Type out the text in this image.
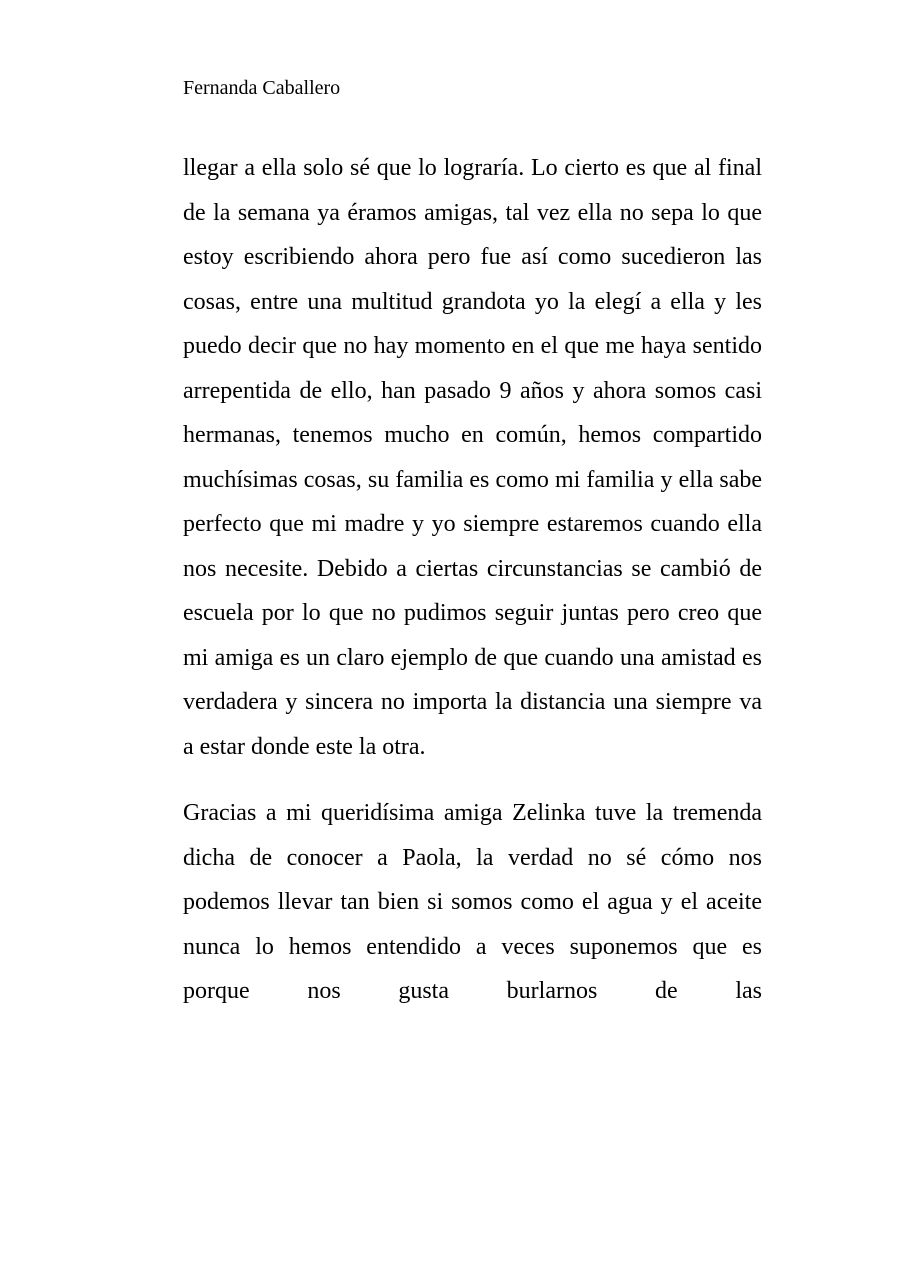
Fernanda Caballero

llegar a ella solo sé que lo lograría. Lo cierto es que al final de la semana ya éramos amigas, tal vez ella no sepa lo que estoy escribiendo ahora pero fue así como sucedieron las cosas, entre una multitud grandota yo la elegí a ella y les puedo decir que no hay momento en el que me haya sentido arrepentida de ello, han pasado 9 años y ahora somos casi hermanas, tenemos mucho en común, hemos compartido muchísimas cosas, su familia es como mi familia y ella sabe perfecto que mi madre y yo siempre estaremos cuando ella nos necesite. Debido a ciertas circunstancias se cambió de escuela por lo que no pudimos seguir juntas pero creo que mi amiga es un claro ejemplo de que cuando una amistad es verdadera y sincera no importa la distancia una siempre va a estar donde este la otra.

Gracias a mi queridísima amiga Zelinka tuve la tremenda dicha de conocer a Paola, la verdad no sé cómo nos podemos llevar tan bien si somos como el agua y el aceite nunca lo hemos entendido a veces suponemos que es porque nos gusta burlarnos de las
